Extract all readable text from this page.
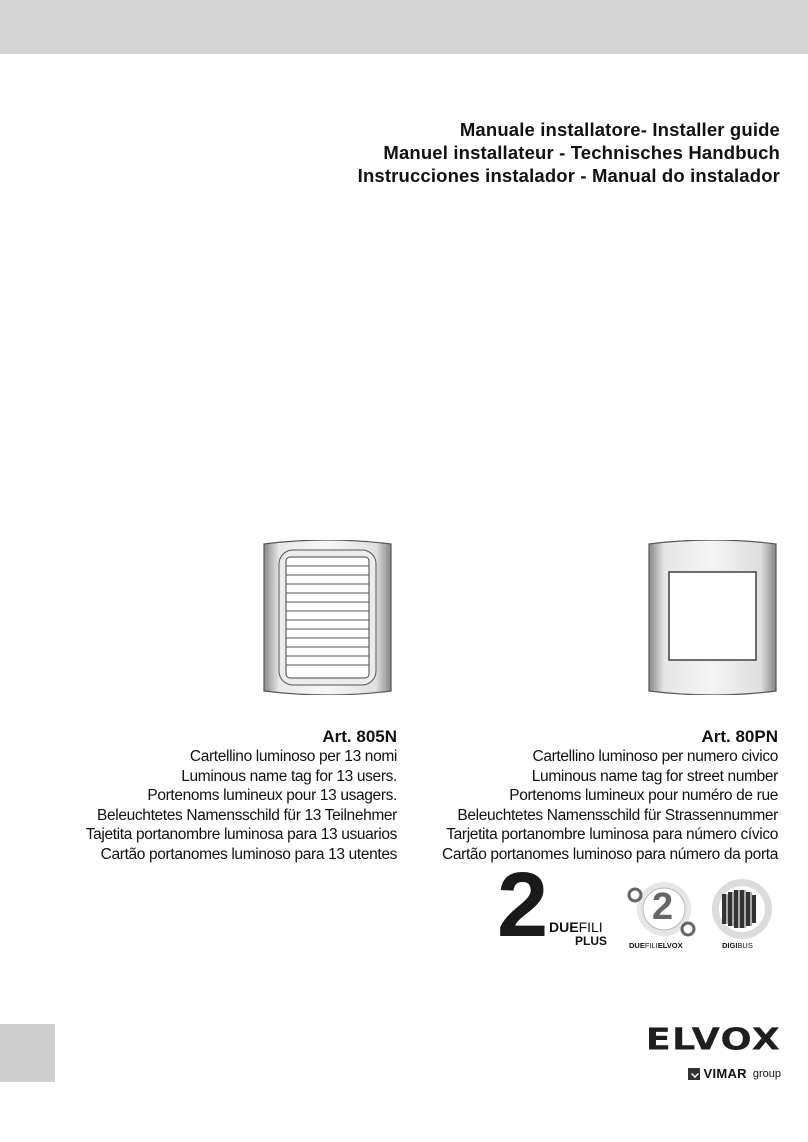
Manuale installatore- Installer guide
Manuel installateur - Technisches Handbuch
Instrucciones instalador - Manual do instalador
Art. 805N
Cartellino luminoso per 13 nomi
Luminous name tag for 13 users.
Portenoms lumineux pour 13 usagers.
Beleuchtetes Namensschild für 13 Teilnehmer
Tajetita portanombre luminosa para 13 usuarios
Cartão portanomes luminoso para 13 utentes
Art. 80PN
Cartellino luminoso per numero civico
Luminous name tag for street number
Portenoms lumineux pour numéro de rue
Beleuchtetes Namensschild für Strassennummer
Tarjetita portanombre luminosa para número cívico
Cartão portanomes luminoso para número da porta
2 DUEFILI
PLUS
2
DUEFILIELVOX	DIGIBUS
ELVOX
VIMAR group
